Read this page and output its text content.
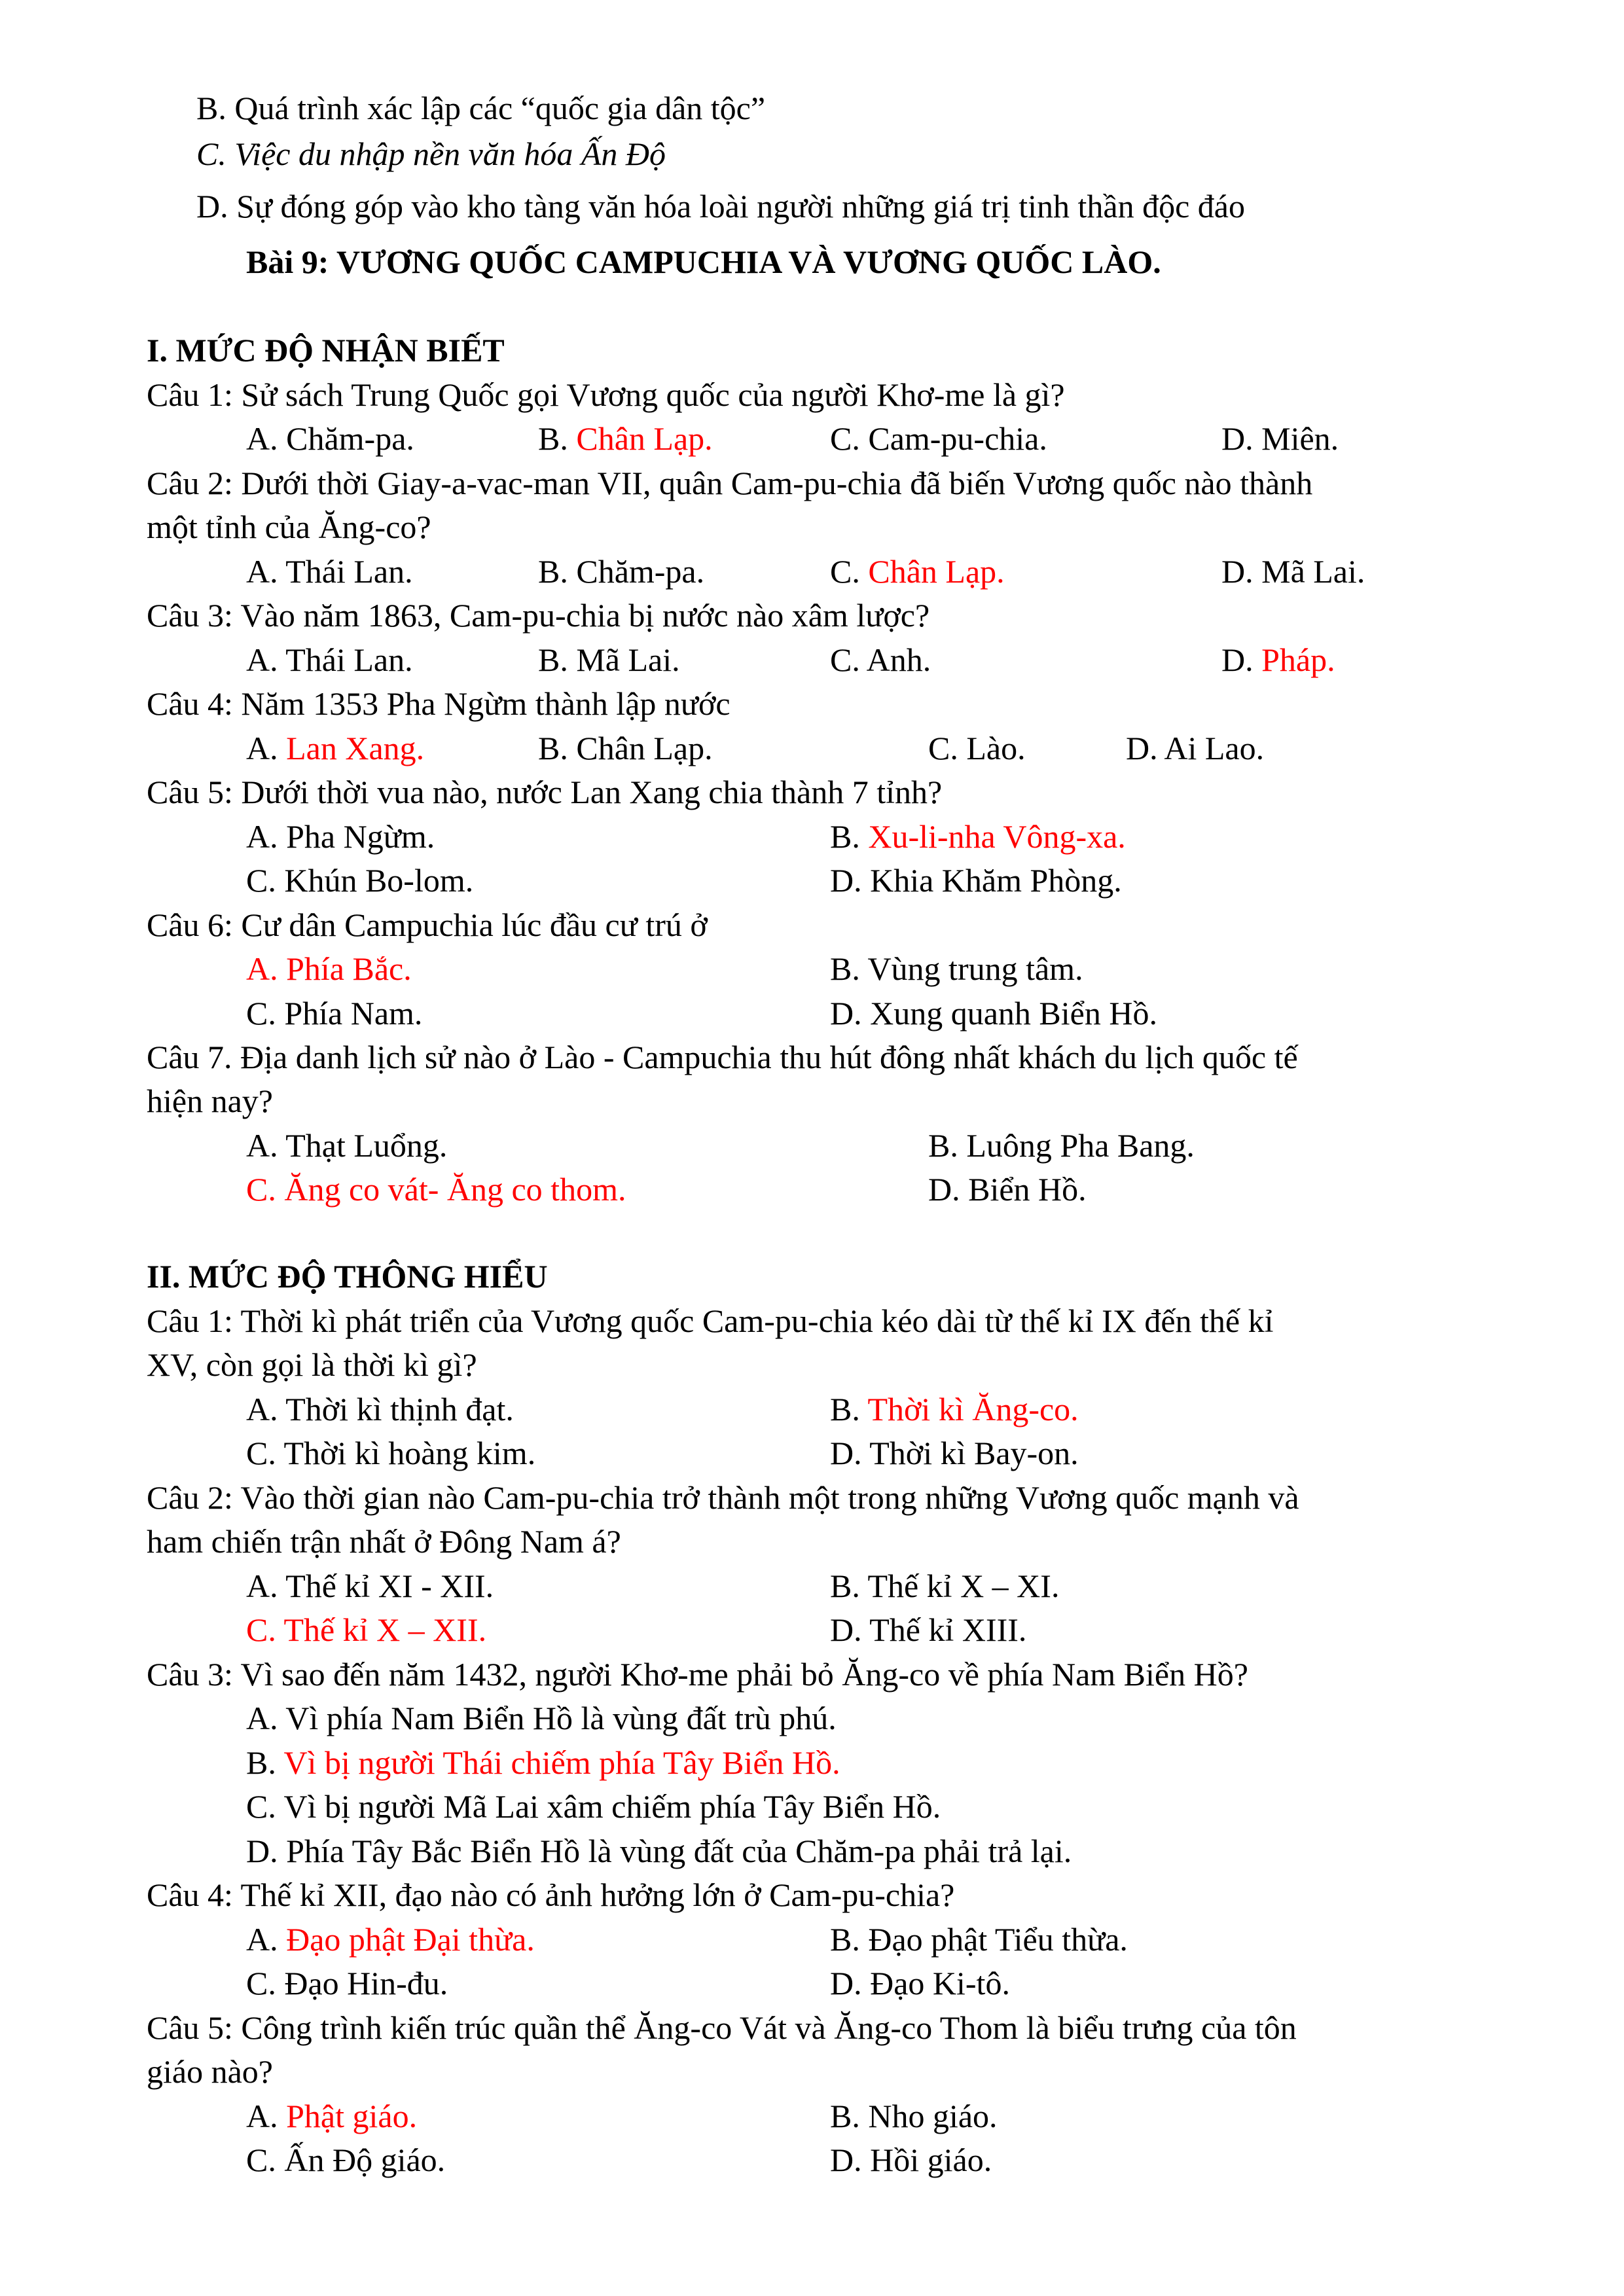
B. Quá trình xác lập các “quốc gia dân tộc”
C. Việc du nhập nền văn hóa Ấn Độ
D. Sự đóng góp vào kho tàng văn hóa loài người những giá trị tinh thần độc đáo
Bài 9: VƯƠNG QUỐC CAMPUCHIA VÀ VƯƠNG QUỐC LÀO.
I. MỨC ĐỘ NHẬN BIẾT
Câu 1: Sử sách Trung Quốc gọi Vương quốc của người Khơ-me là gì?
A. Chăm-pa.	B. Chân Lạp.	C. Cam-pu-chia.	D. Miên.
Câu 2: Dưới thời Giay-a-vac-man VII, quân Cam-pu-chia đã biến Vương quốc nào thành
một tỉnh của Ăng-co?
A. Thái Lan.	B. Chăm-pa.	C. Chân Lạp.	D. Mã Lai.
Câu 3: Vào năm 1863, Cam-pu-chia bị nước nào xâm lược?
A. Thái Lan.	B. Mã Lai.	C. Anh.	D. Pháp.
Câu 4: Năm 1353 Pha Ngừm thành lập nước
A. Lan Xang.	B. Chân Lạp.	C. Lào.	D. Ai Lao.
Câu 5: Dưới thời vua nào, nước Lan Xang chia thành 7 tỉnh?
A. Pha Ngừm.	B. Xu-li-nha Vông-xa.
C. Khún Bo-lom.	D. Khia Khăm Phòng.
Câu 6: Cư dân Campuchia lúc đầu cư trú ở
A. Phía Bắc.	B. Vùng trung tâm.
C. Phía Nam.	D. Xung quanh Biển Hồ.
Câu 7. Địa danh lịch sử nào ở Lào - Campuchia thu hút đông nhất khách du lịch quốc tế
hiện nay?
A. Thạt Luổng.	B. Luông Pha Bang.
C. Ăng co vát- Ăng co thom.	D. Biển Hồ.
II. MỨC ĐỘ THÔNG HIỂU
Câu 1: Thời kì phát triển của Vương quốc Cam-pu-chia kéo dài từ thế kỉ IX đến thế kỉ
XV, còn gọi là thời kì gì?
A. Thời kì thịnh đạt.	B. Thời kì Ăng-co.
C. Thời kì hoàng kim.	D. Thời kì Bay-on.
Câu 2: Vào thời gian nào Cam-pu-chia trở thành một trong những Vương quốc mạnh và
ham chiến trận nhất ở Đông Nam á?
A. Thế kỉ XI - XII.	B. Thế kỉ X – XI.
C. Thế kỉ X – XII.	D. Thế kỉ XIII.
Câu 3: Vì sao đến năm 1432, người Khơ-me phải bỏ Ăng-co về phía Nam Biển Hồ?
A. Vì phía Nam Biển Hồ là vùng đất trù phú.
B. Vì bị người Thái chiếm phía Tây Biển Hồ.
C. Vì bị người Mã Lai xâm chiếm phía Tây Biển Hồ.
D. Phía Tây Bắc Biển Hồ là vùng đất của Chăm-pa phải trả lại.
Câu 4: Thế kỉ XII, đạo nào có ảnh hưởng lớn ở Cam-pu-chia?
A. Đạo phật Đại thừa.	B. Đạo phật Tiểu thừa.
C. Đạo Hin-đu.	D. Đạo Ki-tô.
Câu 5: Công trình kiến trúc quần thể Ăng-co Vát và Ăng-co Thom là biểu trưng của tôn
giáo nào?
A. Phật giáo.	B. Nho giáo.
C. Ấn Độ giáo.	D. Hồi giáo.
